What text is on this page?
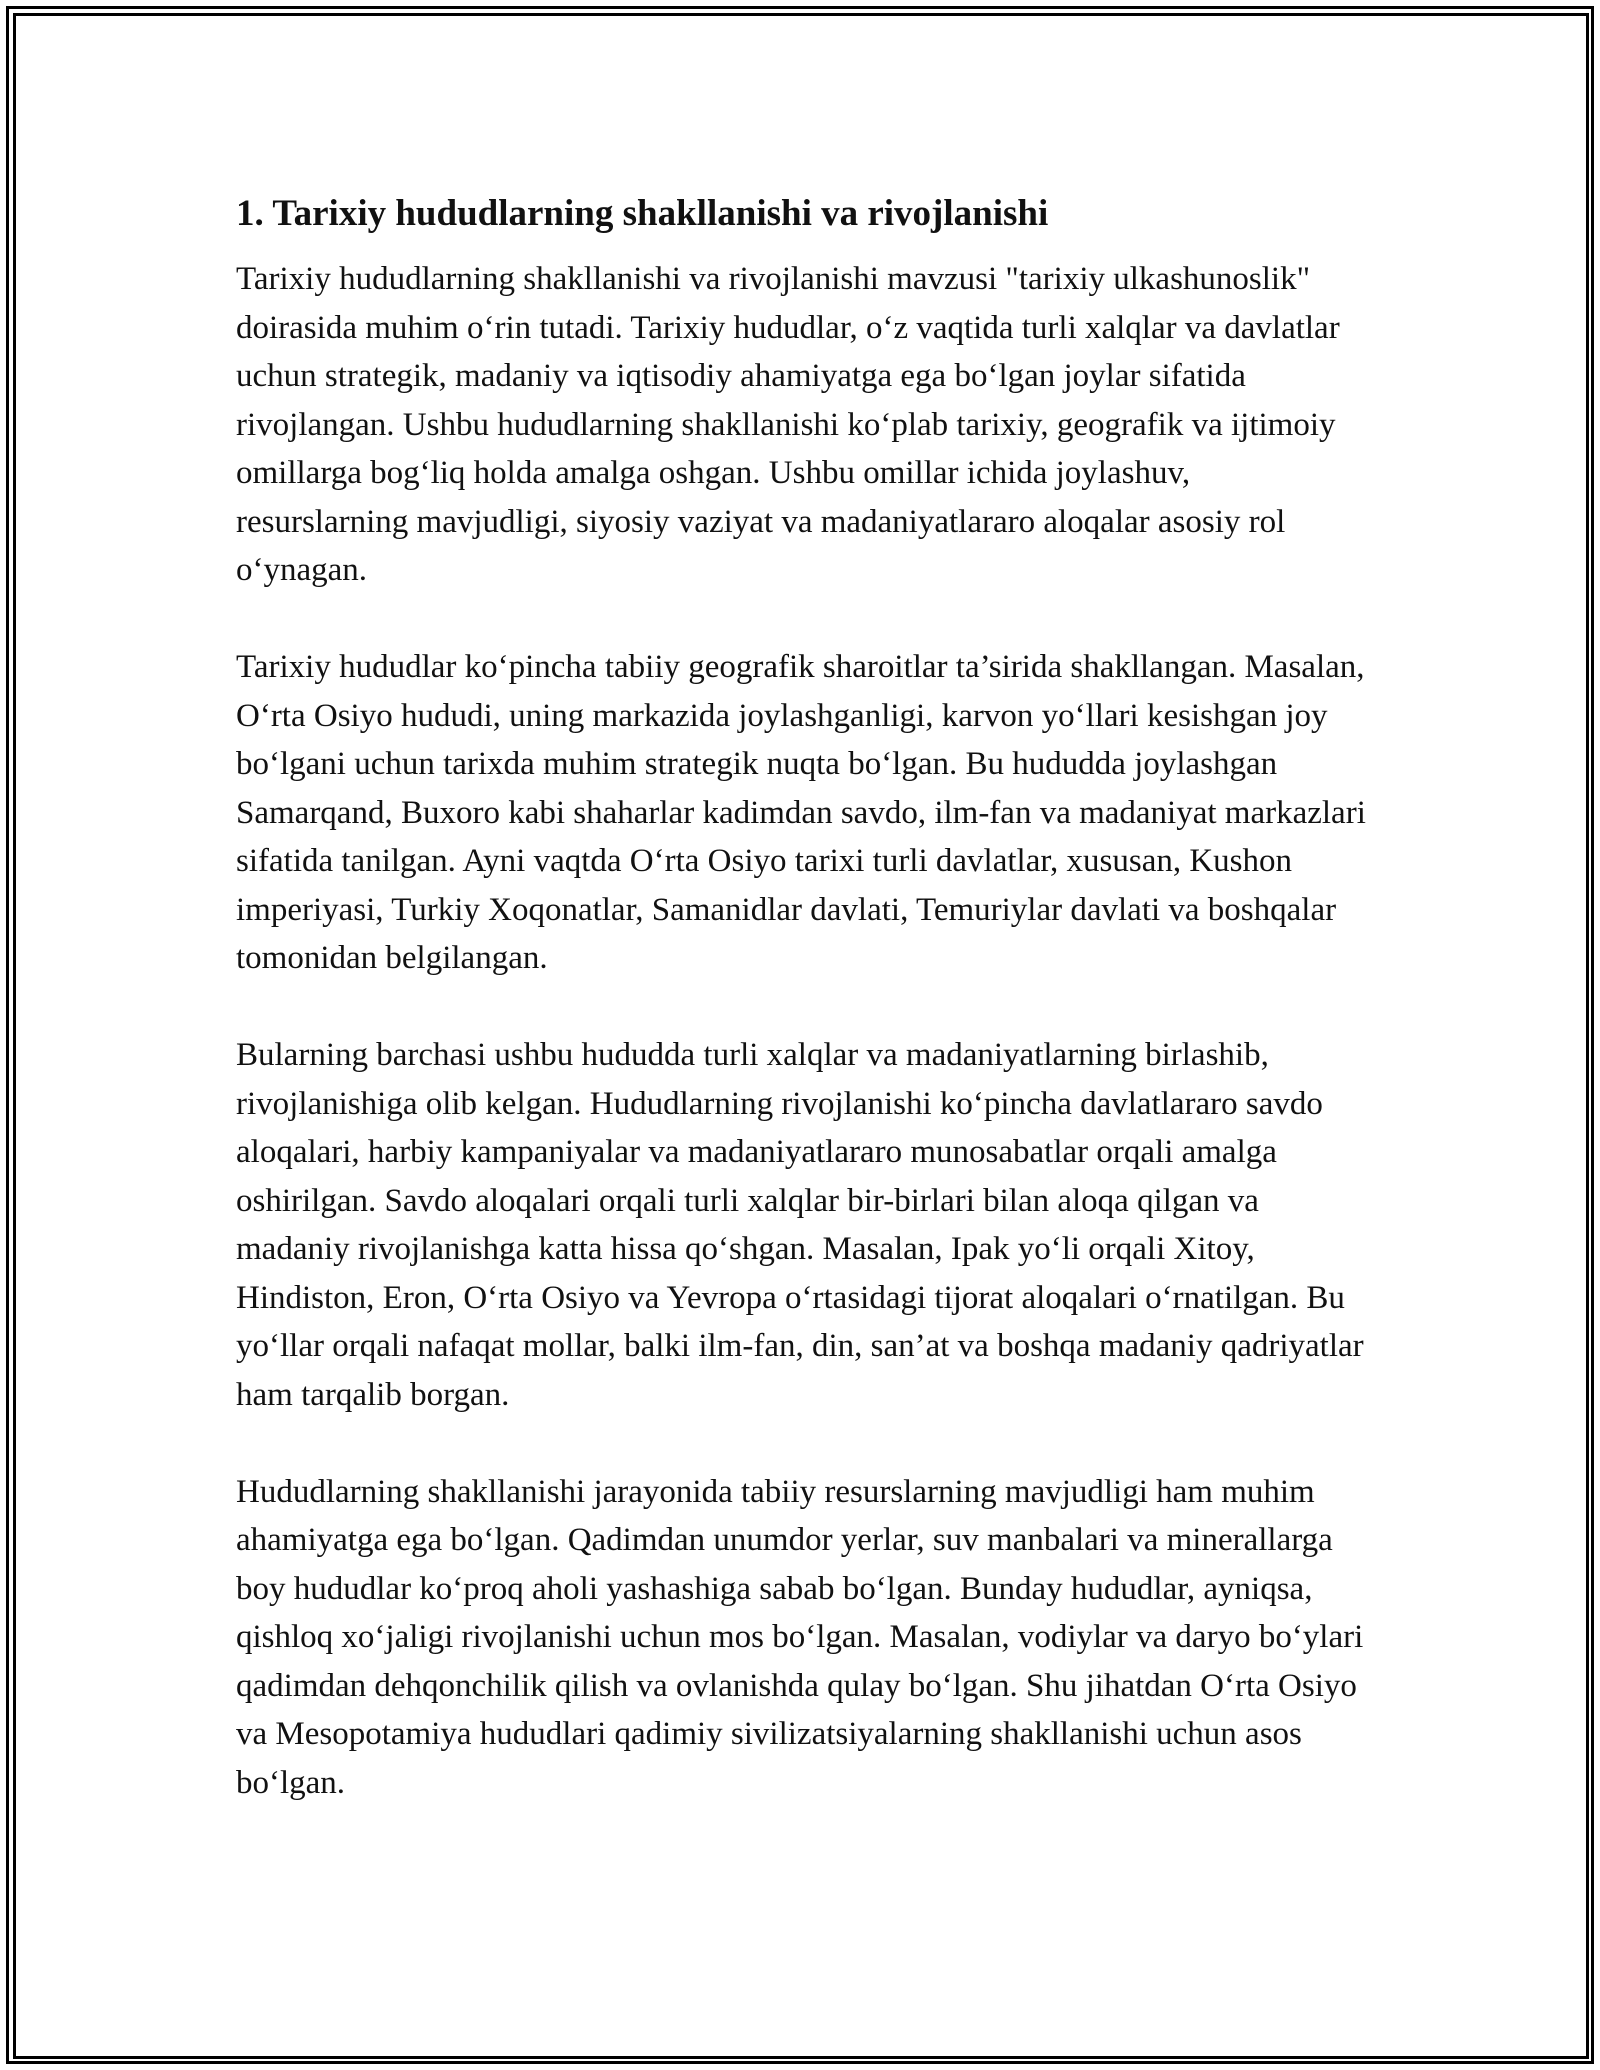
1. Tarixiy hududlarning shakllanishi va rivojlanishi

Tarixiy hududlarning shakllanishi va rivojlanishi mavzusi "tarixiy ulkashunoslik" doirasida muhim o‘rin tutadi. Tarixiy hududlar, o‘z vaqtida turli xalqlar va davlatlar uchun strategik, madaniy va iqtisodiy ahamiyatga ega bo‘lgan joylar sifatida rivojlangan. Ushbu hududlarning shakllanishi ko‘plab tarixiy, geografik va ijtimoiy omillarga bog‘liq holda amalga oshgan. Ushbu omillar ichida joylashuv, resurslarning mavjudligi, siyosiy vaziyat va madaniyatlararo aloqalar asosiy rol o‘ynagan.

Tarixiy hududlar ko‘pincha tabiiy geografik sharoitlar ta’sirida shakllangan. Masalan, O‘rta Osiyo hududi, uning markazida joylashganligi, karvon yo‘llari kesishgan joy bo‘lgani uchun tarixda muhim strategik nuqta bo‘lgan. Bu hududda joylashgan Samarqand, Buxoro kabi shaharlar kadimdan savdo, ilm-fan va madaniyat markazlari sifatida tanilgan. Ayni vaqtda O‘rta Osiyo tarixi turli davlatlar, xususan, Kushon imperiyasi, Turkiy Xoqonatlar, Samanidlar davlati, Temuriylar davlati va boshqalar tomonidan belgilangan.

Bularning barchasi ushbu hududda turli xalqlar va madaniyatlarning birlashib, rivojlanishiga olib kelgan. Hududlarning rivojlanishi ko‘pincha davlatlararo savdo aloqalari, harbiy kampaniyalar va madaniyatlararo munosabatlar orqali amalga oshirilgan. Savdo aloqalari orqali turli xalqlar bir-birlari bilan aloqa qilgan va madaniy rivojlanishga katta hissa qo‘shgan. Masalan, Ipak yo‘li orqali Xitoy, Hindiston, Eron, O‘rta Osiyo va Yevropa o‘rtasidagi tijorat aloqalari o‘rnatilgan. Bu yo‘llar orqali nafaqat mollar, balki ilm-fan, din, san’at va boshqa madaniy qadriyatlar ham tarqalib borgan.

Hududlarning shakllanishi jarayonida tabiiy resurslarning mavjudligi ham muhim ahamiyatga ega bo‘lgan. Qadimdan unumdor yerlar, suv manbalari va minerallarga boy hududlar ko‘proq aholi yashashiga sabab bo‘lgan. Bunday hududlar, ayniqsa, qishloq xo‘jaligi rivojlanishi uchun mos bo‘lgan. Masalan, vodiylar va daryo bo‘ylari qadimdan dehqonchilik qilish va ovlanishda qulay bo‘lgan. Shu jihatdan O‘rta Osiyo va Mesopotamiya hududlari qadimiy sivilizatsiyalarning shakllanishi uchun asos bo‘lgan.
